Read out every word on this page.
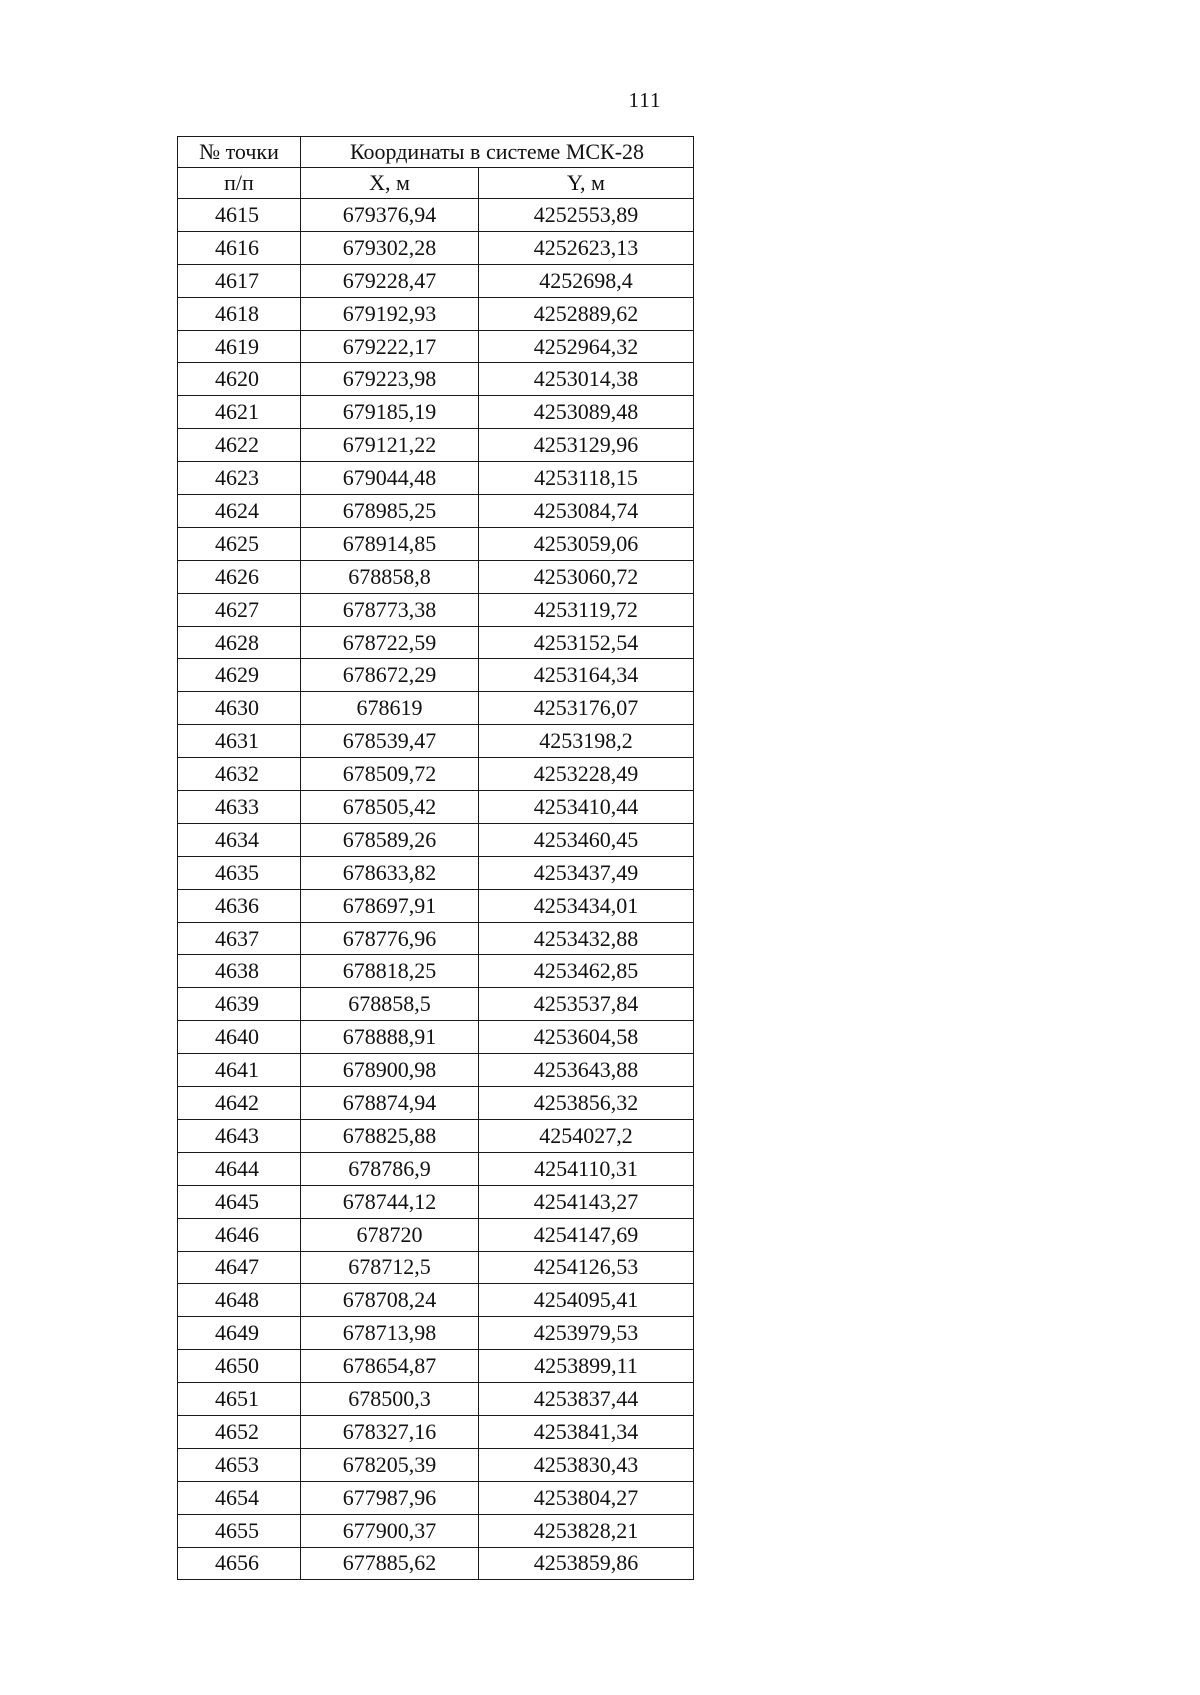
111
№ точки	Координаты в системе МСК-28	
п/п	X, м	Y, м
4615	679376,94	4252553,89
4616	679302,28	4252623,13
4617	679228,47	4252698,4
4618	679192,93	4252889,62
4619	679222,17	4252964,32
4620	679223,98	4253014,38
4621	679185,19	4253089,48
4622	679121,22	4253129,96
4623	679044,48	4253118,15
4624	678985,25	4253084,74
4625	678914,85	4253059,06
4626	678858,8	4253060,72
4627	678773,38	4253119,72
4628	678722,59	4253152,54
4629	678672,29	4253164,34
4630	678619	4253176,07
4631	678539,47	4253198,2
4632	678509,72	4253228,49
4633	678505,42	4253410,44
4634	678589,26	4253460,45
4635	678633,82	4253437,49
4636	678697,91	4253434,01
4637	678776,96	4253432,88
4638	678818,25	4253462,85
4639	678858,5	4253537,84
4640	678888,91	4253604,58
4641	678900,98	4253643,88
4642	678874,94	4253856,32
4643	678825,88	4254027,2
4644	678786,9	4254110,31
4645	678744,12	4254143,27
4646	678720	4254147,69
4647	678712,5	4254126,53
4648	678708,24	4254095,41
4649	678713,98	4253979,53
4650	678654,87	4253899,11
4651	678500,3	4253837,44
4652	678327,16	4253841,34
4653	678205,39	4253830,43
4654	677987,96	4253804,27
4655	677900,37	4253828,21
4656	677885,62	4253859,86
